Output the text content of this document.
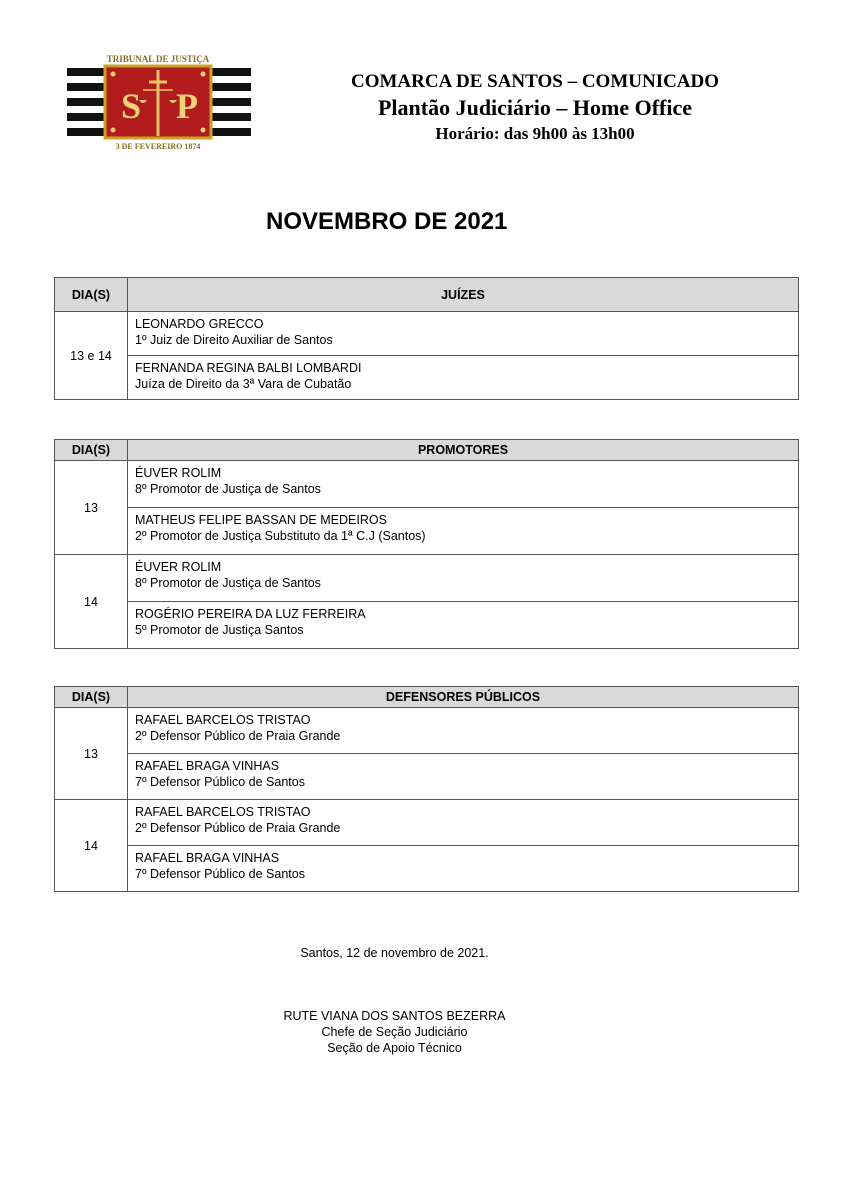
TRIBUNAL DE JUSTIÇA
S P
3 DE FEVEREIRO 1874
COMARCA DE SANTOS – COMUNICADO
Plantão Judiciário – Home Office
Horário: das 9h00 às 13h00
NOVEMBRO DE 2021
DIA(S)	JUÍZES
13 e 14	LEONARDO GRECCO
1º Juiz de Direito Auxiliar de Santos

	FERNANDA REGINA BALBI LOMBARDI
Juíza de Direito da 3ª Vara de Cubatão
DIA(S)	PROMOTORES
13	ÉUVER ROLIM
8º Promotor de Justiça de Santos

	MATHEUS FELIPE BASSAN DE MEDEIROS
2º Promotor de Justiça Substituto da 1ª C.J (Santos)

14	ÉUVER ROLIM
8º Promotor de Justiça de Santos

	ROGÉRIO PEREIRA DA LUZ FERREIRA
5º Promotor de Justiça Santos
DIA(S)	DEFENSORES PÚBLICOS
13	RAFAEL BARCELOS TRISTAO
2º Defensor Público de Praia Grande

	RAFAEL BRAGA VINHAS
7º Defensor Público de Santos

14	RAFAEL BARCELOS TRISTAO
2º Defensor Público de Praia Grande

	RAFAEL BRAGA VINHAS
7º Defensor Público de Santos
Santos, 12 de novembro de 2021.
RUTE VIANA DOS SANTOS BEZERRA
Chefe de Seção Judiciário
Seção de Apoio Técnico
